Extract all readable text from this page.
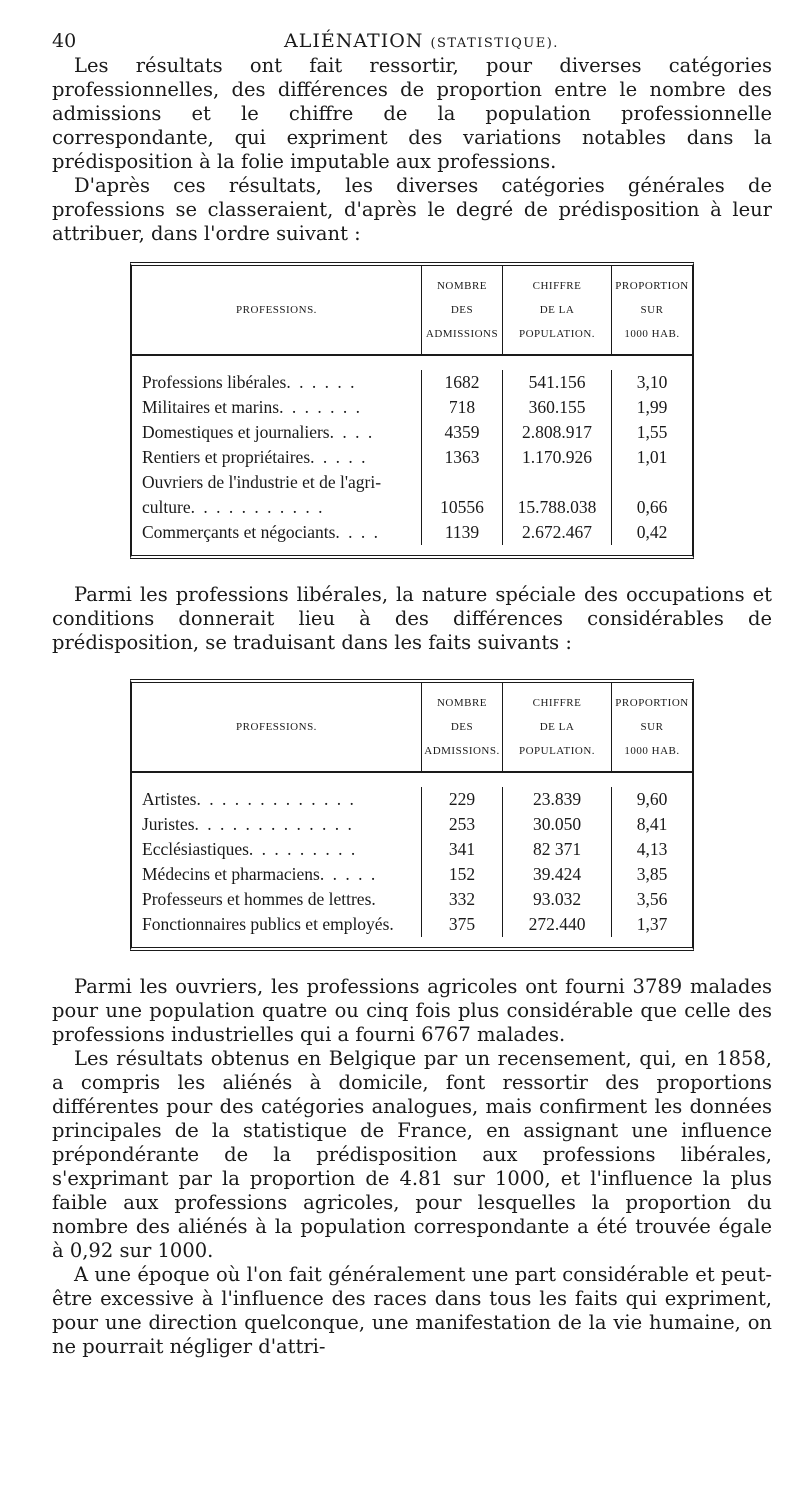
40	ALIÉNATION (STATISTIQUE).

Les résultats ont fait ressortir, pour diverses catégories professionnelles, des différences de proportion entre le nombre des admissions et le chiffre de la population professionnelle correspondante, qui expriment des variations notables dans la prédisposition à la folie imputable aux professions.

D'après ces résultats, les diverses catégories générales de professions se classeraient, d'après le degré de prédisposition à leur attribuer, dans l'ordre suivant :

PROFESSIONS.
NOMBRE
DES
ADMISSIONS
CHIFFRE
DE LA
POPULATION.
PROPORTION
SUR
1000 HAB.
Professions libérales. . . . . .
Militaires et marins. . . . . . .
Domestiques et journaliers. . . .
Rentiers et propriétaires. . . . .
Ouvriers de l'industrie et de l'agri-
culture. . . . . . . . . . .
Commerçants et négociants. . . .
1682
718
4359
1363
10556
1139
541.156
360.155
2.808.917
1.170.926
15.788.038
2.672.467
3,10
1,99
1,55
1,01
0,66
0,42

Parmi les professions libérales, la nature spéciale des occupations et conditions donnerait lieu à des différences considérables de prédisposition, se traduisant dans les faits suivants :

PROFESSIONS.
NOMBRE
DES
ADMISSIONS.
CHIFFRE
DE LA
POPULATION.
PROPORTION
SUR
1000 HAB.
Artistes. . . . . . . . . . . . .
Juristes. . . . . . . . . . . . .
Ecclésiastiques. . . . . . . . .
Médecins et pharmaciens. . . . .
Professeurs et hommes de lettres.
Fonctionnaires publics et employés.
229
253
341
152
332
375
23.839
30.050
82 371
39.424
93.032
272.440
9,60
8,41
4,13
3,85
3,56
1,37

Parmi les ouvriers, les professions agricoles ont fourni 3789 malades pour une population quatre ou cinq fois plus considérable que celle des professions industrielles qui a fourni 6767 malades.

Les résultats obtenus en Belgique par un recensement, qui, en 1858, a compris les aliénés à domicile, font ressortir des proportions différentes pour des catégories analogues, mais confirment les données principales de la statistique de France, en assignant une influence prépondérante de la prédisposition aux professions libérales, s'exprimant par la proportion de 4.81 sur 1000, et l'influence la plus faible aux professions agricoles, pour lesquelles la proportion du nombre des aliénés à la population correspondante a été trouvée égale à 0,92 sur 1000.

A une époque où l'on fait généralement une part considérable et peut-être excessive à l'influence des races dans tous les faits qui expriment, pour une direction quelconque, une manifestation de la vie humaine, on ne pourrait négliger d'attri-
